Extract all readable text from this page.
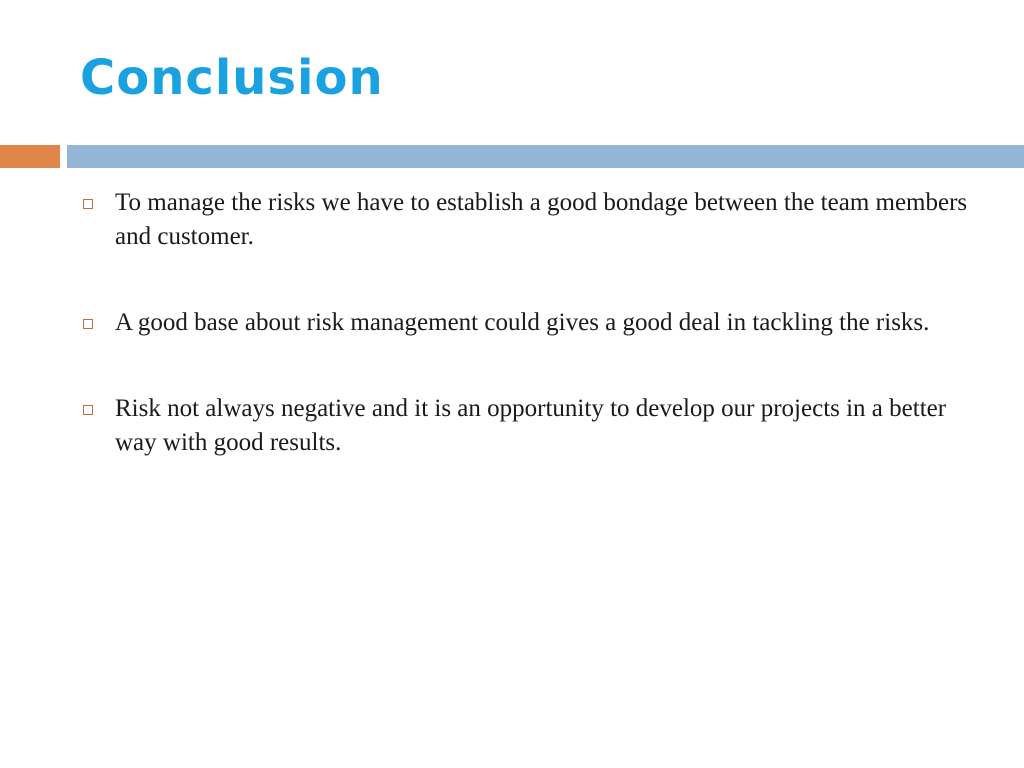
Conclusion
To manage the risks we have to establish a good bondage between the team members and customer.
A good base about risk management could gives a good deal in tackling the risks.
Risk not always negative and it is an opportunity to develop our projects in a better way with good results.
